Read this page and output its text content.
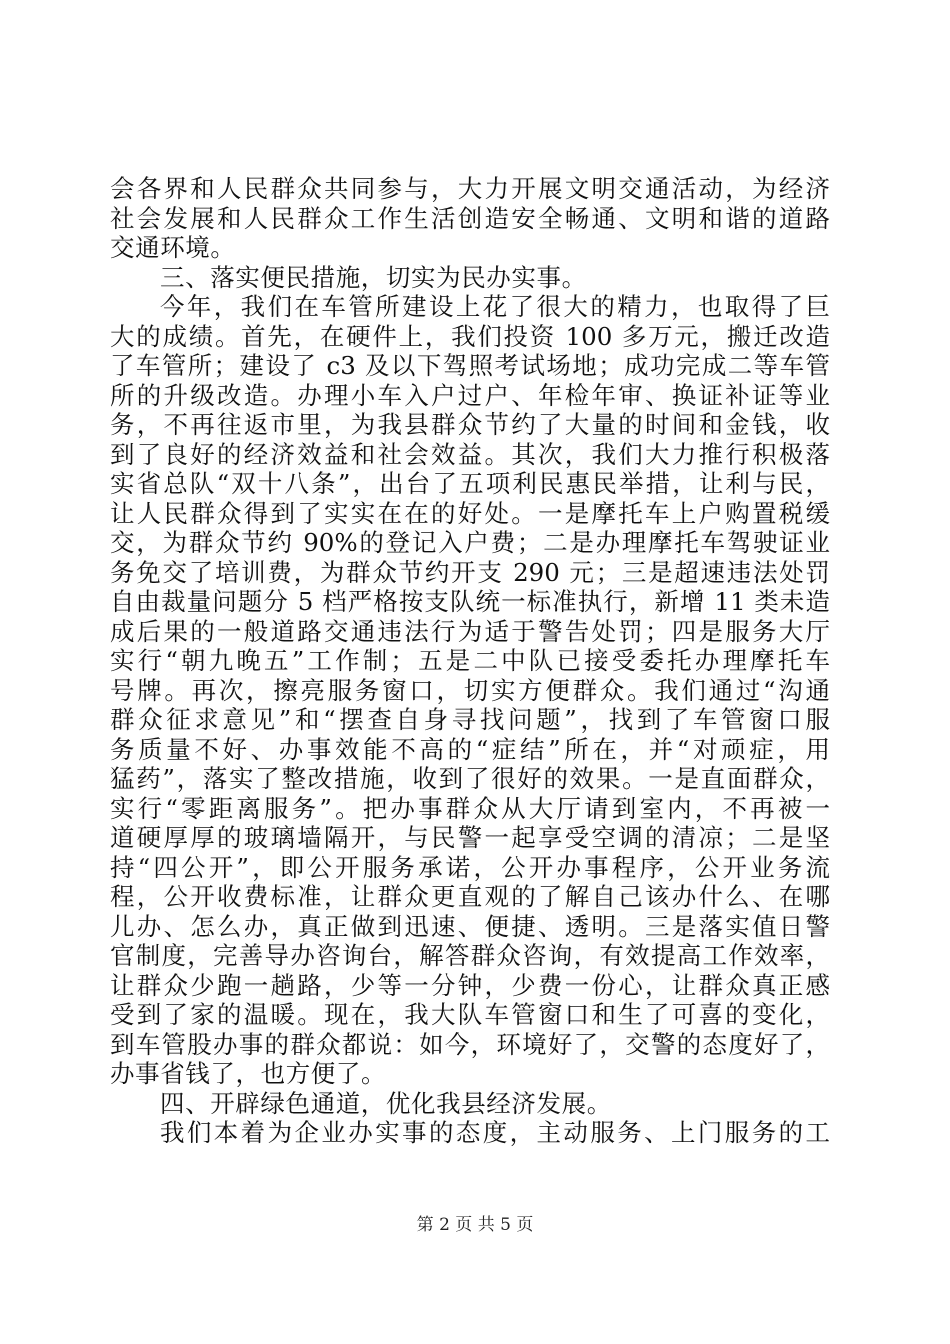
会各界和人民群众共同参与，大力开展文明交通活动，为经济
社会发展和人民群众工作生活创造安全畅通、文明和谐的道路
交通环境。
三、落实便民措施，切实为民办实事。
今年，我们在车管所建设上花了很大的精力，也取得了巨
大的成绩。首先，在硬件上，我们投资 100 多万元，搬迁改造
了车管所；建设了 c3 及以下驾照考试场地；成功完成二等车管
所的升级改造。办理小车入户过户、年检年审、换证补证等业
务，不再往返市里，为我县群众节约了大量的时间和金钱，收
到了良好的经济效益和社会效益。其次，我们大力推行积极落
实省总队“双十八条”，出台了五项利民惠民举措，让利与民，
让人民群众得到了实实在在的好处。一是摩托车上户购置税缓
交，为群众节约 90%的登记入户费；二是办理摩托车驾驶证业
务免交了培训费，为群众节约开支 290 元；三是超速违法处罚
自由裁量问题分 5 档严格按支队统一标准执行，新增 11 类未造
成后果的一般道路交通违法行为适于警告处罚；四是服务大厅
实行“朝九晚五”工作制；五是二中队已接受委托办理摩托车
号牌。再次，擦亮服务窗口，切实方便群众。我们通过“沟通
群众征求意见”和“摆查自身寻找问题”，找到了车管窗口服
务质量不好、办事效能不高的“症结”所在，并“对顽症，用
猛药”，落实了整改措施，收到了很好的效果。一是直面群众，
实行“零距离服务”。把办事群众从大厅请到室内，不再被一
道硬厚厚的玻璃墙隔开，与民警一起享受空调的清凉；二是坚
持“四公开”，即公开服务承诺，公开办事程序，公开业务流
程，公开收费标准，让群众更直观的了解自己该办什么、在哪
儿办、怎么办，真正做到迅速、便捷、透明。三是落实值日警
官制度，完善导办咨询台，解答群众咨询，有效提高工作效率，
让群众少跑一趟路，少等一分钟，少费一份心，让群众真正感
受到了家的温暖。现在，我大队车管窗口和生了可喜的变化，
到车管股办事的群众都说：如今，环境好了，交警的态度好了，
办事省钱了，也方便了。
四、开辟绿色通道，优化我县经济发展。
我们本着为企业办实事的态度，主动服务、上门服务的工
第 2 页 共 5 页
